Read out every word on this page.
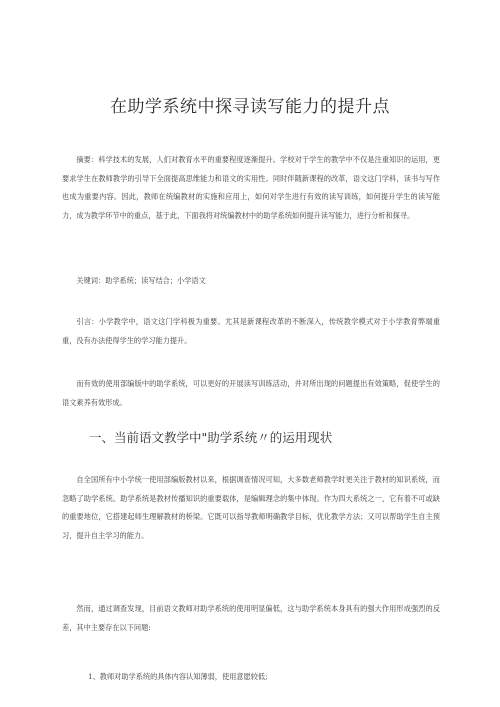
在助学系统中探寻读写能力的提升点

摘要：科学技术的发展，人们对教育水平的重要程度逐渐提升。学校对于学生的教学中不仅是注重知识的运用，更要求学生在教师教学的引导下全面提高思维能力和语文的实用性。同时伴随新课程的改革，语文这门学科，读书与写作也成为重要内容。因此，教师在统编教材的实施和应用上，如何对学生进行有效的读写训练，如何提升学生的读写能力，成为教学环节中的重点，基于此，下面我将对统编教材中的助学系统如何提升读写能力，进行分析和探寻。

关键词：助学系统；读写结合；小学语文

引言：小学教学中，语文这门学科极为重要。尤其是新课程改革的不断深入，传统教学模式对于小学教育弊端重重，没有办法使得学生的学习能力提升。

而有效的使用部编版中的助学系统，可以更好的开展读写训练活动，并对所出现的问题提出有效策略，促使学生的语文素养有效形成。

一、当前语文教学中"助学系统〃的运用现状

自全国所有中小学统一使用部编版教材以来，根据调查情况可知，大多数老师教学时更关注于教材的知识系统，而忽略了助学系统。助学系统是教材传播知识的重要载体，是编辑理念的集中体现。作为四大系统之一，它有着不可或缺的重要地位，它搭建起师生理解教材的桥梁。它既可以指导教师明确教学目标，优化教学方法；又可以帮助学生自主预习，提升自主学习的能力。

然而，通过调查发现，目前语文教师对助学系统的使用明显偏低，这与助学系统本身具有的强大作用形成强烈的反差，其中主要存在以下问题:

1、教师对助学系统的具体内容认知薄弱，使用意愿较低;
